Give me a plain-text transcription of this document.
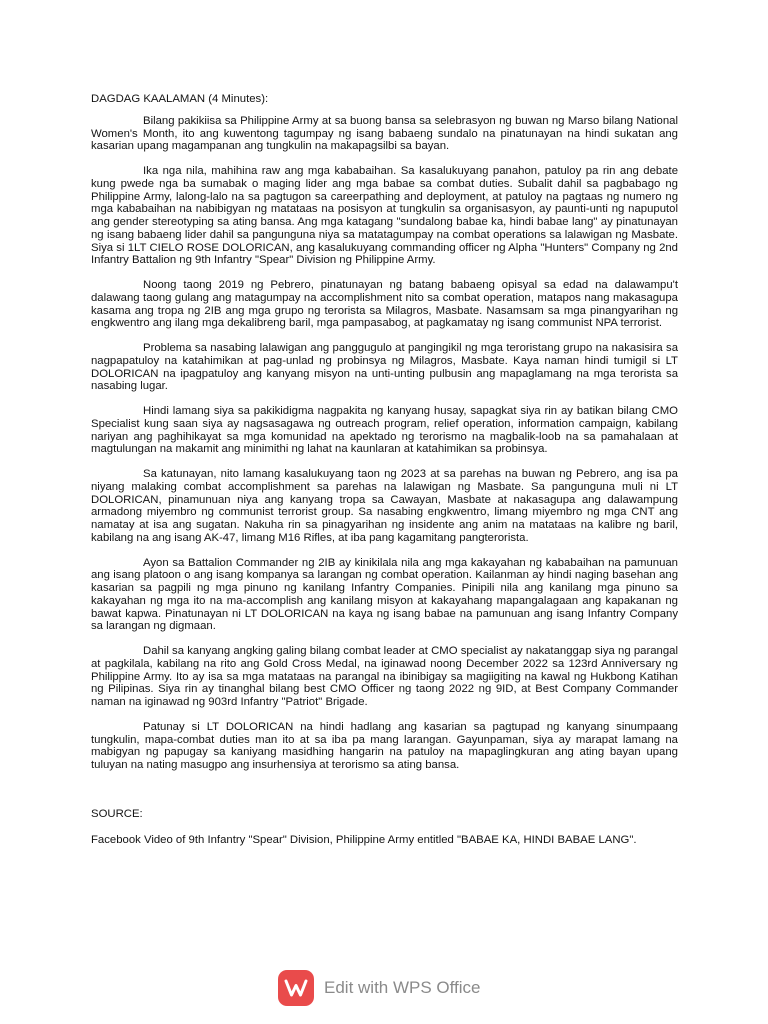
DAGDAG KAALAMAN (4 Minutes):

Bilang pakikiisa sa Philippine Army at sa buong bansa sa selebrasyon ng buwan ng Marso bilang National Women's Month, ito ang kuwentong tagumpay ng isang babaeng sundalo na pinatunayan na hindi sukatan ang kasarian upang magampanan ang tungkulin na makapagsilbi sa bayan.

Ika nga nila, mahihina raw ang mga kababaihan. Sa kasalukuyang panahon, patuloy pa rin ang debate kung pwede nga ba sumabak o maging lider ang mga babae sa combat duties. Subalit dahil sa pagbabago ng Philippine Army, lalong-lalo na sa pagtugon sa careerpathing and deployment, at patuloy na pagtaas ng numero ng mga kababaihan na nabibigyan ng matataas na posisyon at tungkulin sa organisasyon, ay paunti-unti ng napuputol ang gender stereotyping sa ating bansa. Ang mga katagang "sundalong babae ka, hindi babae lang" ay pinatunayan ng isang babaeng lider dahil sa pangunguna niya sa matatagumpay na combat operations sa lalawigan ng Masbate. Siya si 1LT CIELO ROSE DOLORICAN, ang kasalukuyang commanding officer ng Alpha "Hunters" Company ng 2nd Infantry Battalion ng 9th Infantry "Spear" Division ng Philippine Army.

Noong taong 2019 ng Pebrero, pinatunayan ng batang babaeng opisyal sa edad na dalawampu't dalawang taong gulang ang matagumpay na accomplishment nito sa combat operation, matapos nang makasagupa kasama ang tropa ng 2IB ang mga grupo ng terorista sa Milagros, Masbate. Nasamsam sa mga pinangyarihan ng engkwentro ang ilang mga dekalibreng baril, mga pampasabog, at pagkamatay ng isang communist NPA terrorist.

Problema sa nasabing lalawigan ang panggugulo at pangingikil ng mga teroristang grupo na nakasisira sa nagpapatuloy na katahimikan at pag-unlad ng probinsya ng Milagros, Masbate. Kaya naman hindi tumigil si LT DOLORICAN na ipagpatuloy ang kanyang misyon na unti-unting pulbusin ang mapaglamang na mga terorista sa nasabing lugar.

Hindi lamang siya sa pakikidigma nagpakita ng kanyang husay, sapagkat siya rin ay batikan bilang CMO Specialist kung saan siya ay nagsasagawa ng outreach program, relief operation, information campaign, kabilang nariyan ang paghihikayat sa mga komunidad na apektado ng terorismo na magbalik-loob na sa pamahalaan at magtulungan na makamit ang minimithi ng lahat na kaunlaran at katahimikan sa probinsya.

Sa katunayan, nito lamang kasalukuyang taon ng 2023 at sa parehas na buwan ng Pebrero, ang isa pa niyang malaking combat accomplishment sa parehas na lalawigan ng Masbate. Sa pangunguna muli ni LT DOLORICAN, pinamunuan niya ang kanyang tropa sa Cawayan, Masbate at nakasagupa ang dalawampung armadong miyembro ng communist terrorist group. Sa nasabing engkwentro, limang miyembro ng mga CNT ang namatay at isa ang sugatan. Nakuha rin sa pinagyarihan ng insidente ang anim na matataas na kalibre ng baril, kabilang na ang isang AK-47, limang M16 Rifles, at iba pang kagamitang pangterorista.

Ayon sa Battalion Commander ng 2IB ay kinikilala nila ang mga kakayahan ng kababaihan na pamunuan ang isang platoon o ang isang kompanya sa larangan ng combat operation. Kailanman ay hindi naging basehan ang kasarian sa pagpili ng mga pinuno ng kanilang Infantry Companies. Pinipili nila ang kanilang mga pinuno sa kakayahan ng mga ito na ma-accomplish ang kanilang misyon at kakayahang mapangalagaan ang kapakanan ng bawat kapwa. Pinatunayan ni LT DOLORICAN na kaya ng isang babae na pamunuan ang isang Infantry Company sa larangan ng digmaan.

Dahil sa kanyang angking galing bilang combat leader at CMO specialist ay nakatanggap siya ng parangal at pagkilala, kabilang na rito ang Gold Cross Medal, na iginawad noong December 2022 sa 123rd Anniversary ng Philippine Army. Ito ay isa sa mga matataas na parangal na ibinibigay sa magiigiting na kawal ng Hukbong Katihan ng Pilipinas. Siya rin ay tinanghal bilang best CMO Officer ng taong 2022 ng 9ID, at Best Company Commander naman na iginawad ng 903rd Infantry "Patriot" Brigade.

Patunay si LT DOLORICAN na hindi hadlang ang kasarian sa pagtupad ng kanyang sinumpaang tungkulin, mapa-combat duties man ito at sa iba pa mang larangan. Gayunpaman, siya ay marapat lamang na mabigyan ng papugay sa kaniyang masidhing hangarin na patuloy na mapaglingkuran ang ating bayan upang tuluyan na nating masugpo ang insurhensiya at terorismo sa ating bansa.

SOURCE:

Facebook Video of 9th Infantry "Spear" Division, Philippine Army entitled "BABAE KA, HINDI BABAE LANG".

Edit with WPS Office
